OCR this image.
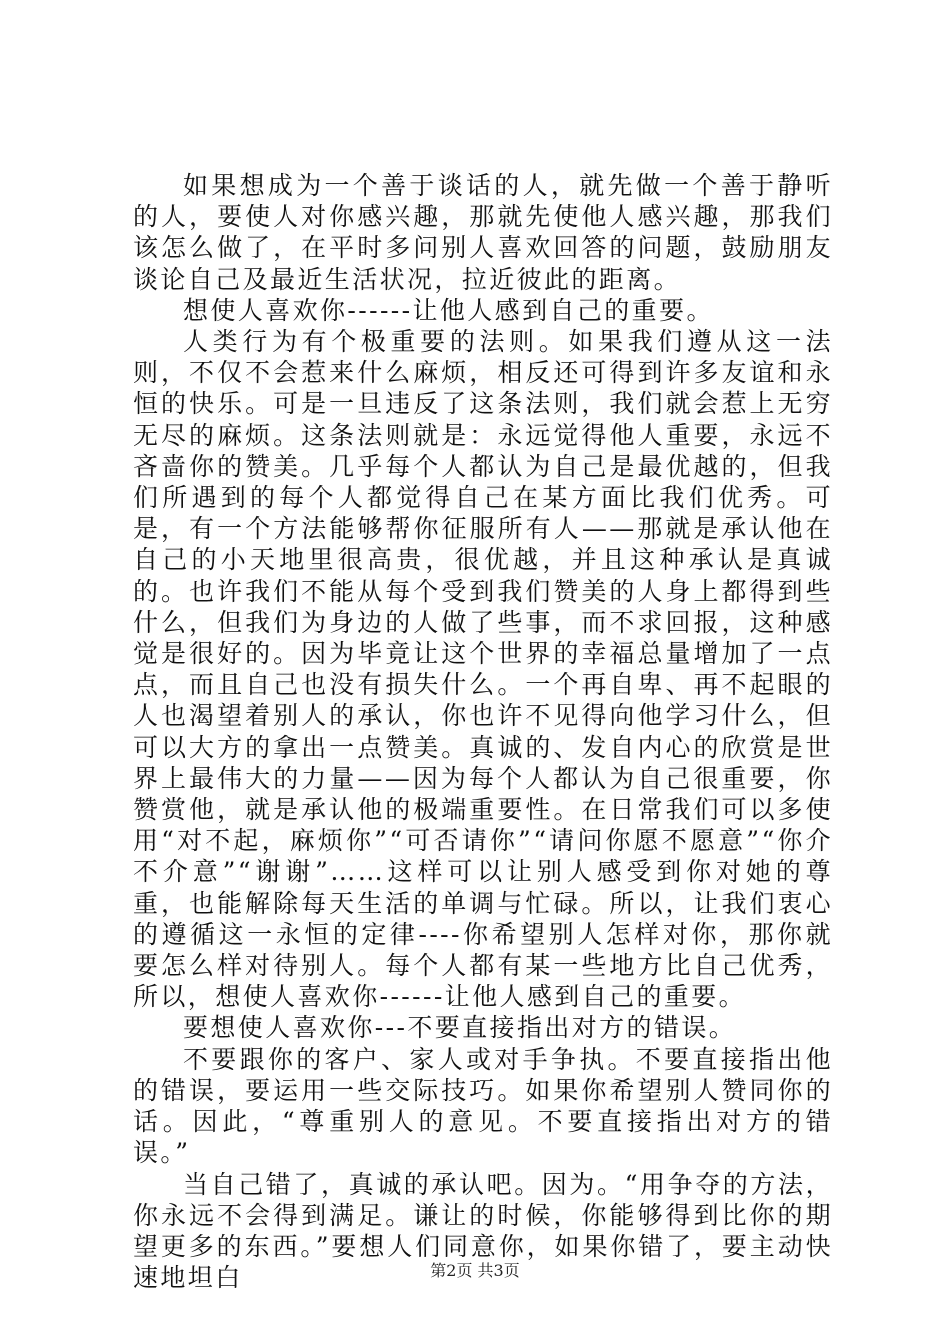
如果想成为一个善于谈话的人，就先做一个善于静听的人，要使人对你感兴趣，那就先使他人感兴趣，那我们该怎么做了，在平时多问别人喜欢回答的问题，鼓励朋友谈论自己及最近生活状况，拉近彼此的距离。

想使人喜欢你------让他人感到自己的重要。

人类行为有个极重要的法则。如果我们遵从这一法则，不仅不会惹来什么麻烦，相反还可得到许多友谊和永恒的快乐。可是一旦违反了这条法则，我们就会惹上无穷无尽的麻烦。这条法则就是：永远觉得他人重要，永远不吝啬你的赞美。几乎每个人都认为自己是最优越的，但我们所遇到的每个人都觉得自己在某方面比我们优秀。可是，有一个方法能够帮你征服所有人——那就是承认他在自己的小天地里很高贵，很优越，并且这种承认是真诚的。也许我们不能从每个受到我们赞美的人身上都得到些什么，但我们为身边的人做了些事，而不求回报，这种感觉是很好的。因为毕竟让这个世界的幸福总量增加了一点点，而且自己也没有损失什么。一个再自卑、再不起眼的人也渴望着别人的承认，你也许不见得向他学习什么，但可以大方的拿出一点赞美。真诚的、发自内心的欣赏是世界上最伟大的力量——因为每个人都认为自己很重要，你赞赏他，就是承认他的极端重要性。在日常我们可以多使用“对不起，麻烦你”“可否请你”“请问你愿不愿意”“你介不介意”“谢谢”……这样可以让别人感受到你对她的尊重，也能解除每天生活的单调与忙碌。所以，让我们衷心的遵循这一永恒的定律----你希望别人怎样对你，那你就要怎么样对待别人。每个人都有某一些地方比自己优秀，所以，想使人喜欢你------让他人感到自己的重要。

要想使人喜欢你---不要直接指出对方的错误。

不要跟你的客户、家人或对手争执。不要直接指出他的错误，要运用一些交际技巧。如果你希望别人赞同你的话。因此，“尊重别人的意见。不要直接指出对方的错误。”

当自己错了，真诚的承认吧。因为。“用争夺的方法，你永远不会得到满足。谦让的时候，你能够得到比你的期望更多的东西。”要想人们同意你，如果你错了，要主动快速地坦白	第2页 共3页
